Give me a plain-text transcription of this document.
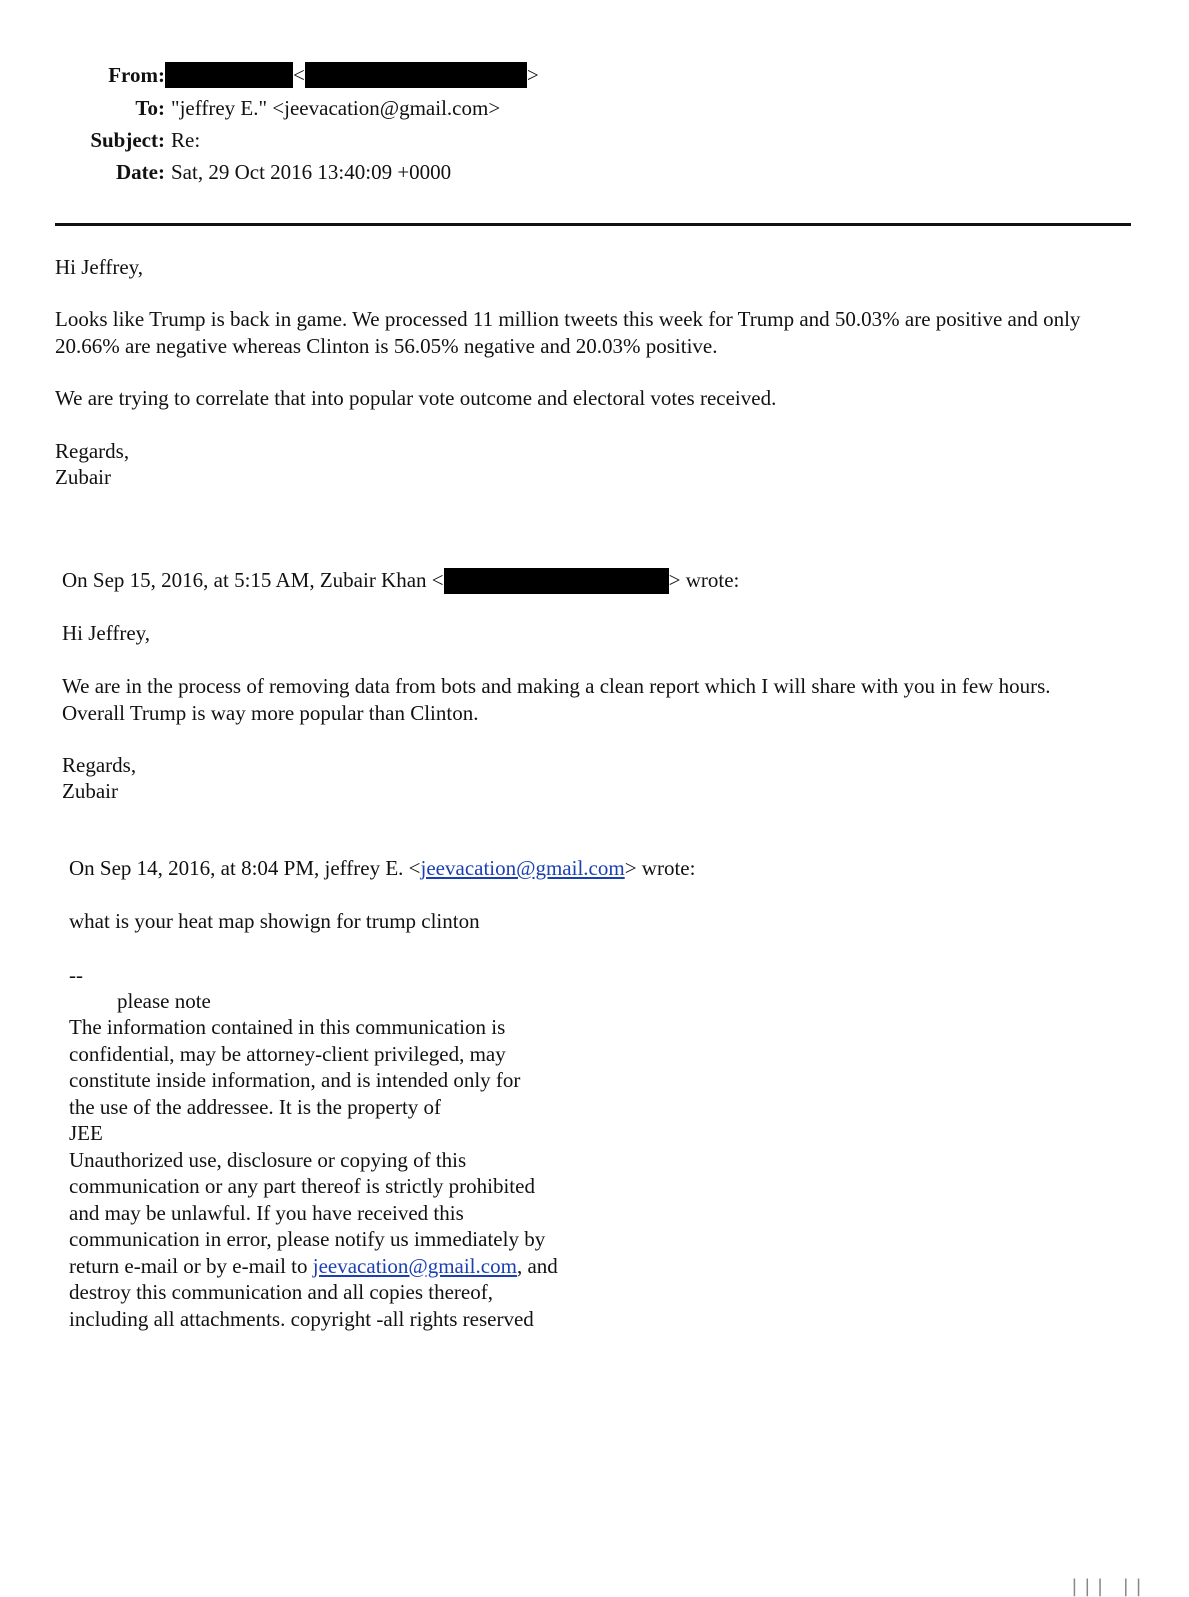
From:	<	>
To: "jeffrey E." <jeevacation@gmail.com>
Subject: Re:
Date: Sat, 29 Oct 2016 13:40:09 +0000
Hi Jeffrey,
Looks like Trump is back in game. We processed 11 million tweets this week for Trump and 50.03% are positive and only 20.66% are negative whereas Clinton is 56.05% negative and 20.03% positive.
We are trying to correlate that into popular vote outcome and electoral votes received.
Regards,
Zubair
On Sep 15, 2016, at 5:15 AM, Zubair Khan <	> wrote:
Hi Jeffrey,
We are in the process of removing data from bots and making a clean report which I will share with you in few hours. Overall Trump is way more popular than Clinton.
Regards,
Zubair
On Sep 14, 2016, at 8:04 PM, jeffrey E. <jeevacation@gmail.com> wrote:
what is your heat map showign for trump clinton
--
please note
The information contained in this communication is
confidential, may be attorney-client privileged, may
constitute inside information, and is intended only for
the use of the addressee. It is the property of
JEE
Unauthorized use, disclosure or copying of this
communication or any part thereof is strictly prohibited
and may be unlawful. If you have received this
communication in error, please notify us immediately by
return e-mail or by e-mail to jeevacation@gmail.com, and
destroy this communication and all copies thereof,
including all attachments. copyright -all rights reserved
||| ||
